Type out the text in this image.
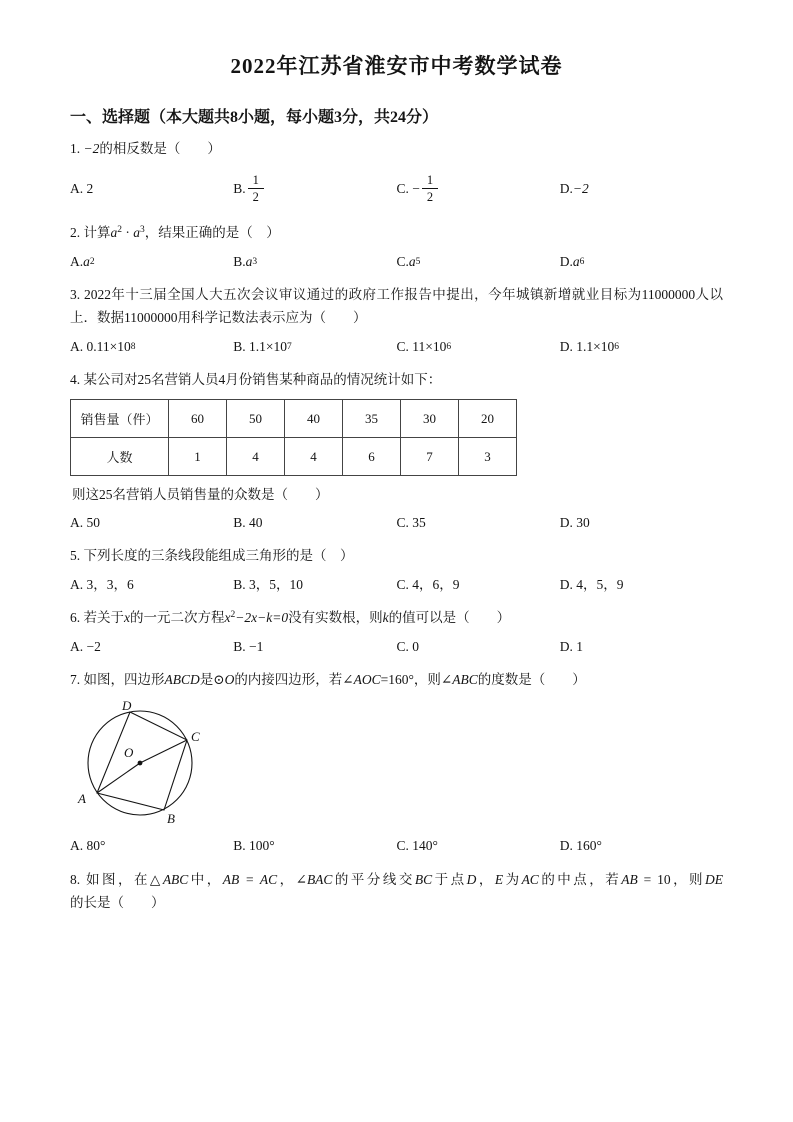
2022年江苏省淮安市中考数学试卷
一、选择题（本大题共8小题，每小题3分，共24分）

1. −2的相反数是（　　）

A. 2	B. $\frac{1}{2}$	C. − $\frac{1}{2}$	D. −2

2. 计算$a^2 \cdot a^3$，结果正确的是（　）

A. a 2	B. a 3	C. a 5	D. a 6

3. 2022年十三届全国人大五次会议审议通过的政府工作报告中提出，今年城镇新增就业目标为11000000人以上．数据11000000用科学记数法表示应为（　　）

A. 0.11×10 8	B. 1.1×10 7	C. 11×10 6	D. 1.1×10 6

4. 某公司对25名营销人员4月份销售某种商品的情况统计如下：

销售量（件）	60	50	40	35	30	20
人数	1	4	4	6	7	3

则这25名营销人员销售量的众数是（　　）

A. 50	B. 40	C. 35	D. 30

5. 下列长度的三条线段能组成三角形的是（　）

A. 3，3，6	B. 3，5，10	C. 4，6，9	D. 4，5，9

6. 若关于x的一元二次方程$x^2-2x-k=0$没有实数根，则k的值可以是（　　）

A. −2	B. −1	C. 0	D. 1

7. 如图，四边形ABCD是⊙O的内接四边形，若∠AOC=160°，则∠ABC的度数是（　　）

D
C
A
B
O
A. 80°	B. 100°	C. 140°	D. 160°

8. 如图，在△ABC中，AB = AC，∠BAC的平分线交BC于点D，E为AC的中点，若AB = 10，则DE的长是（　　）
